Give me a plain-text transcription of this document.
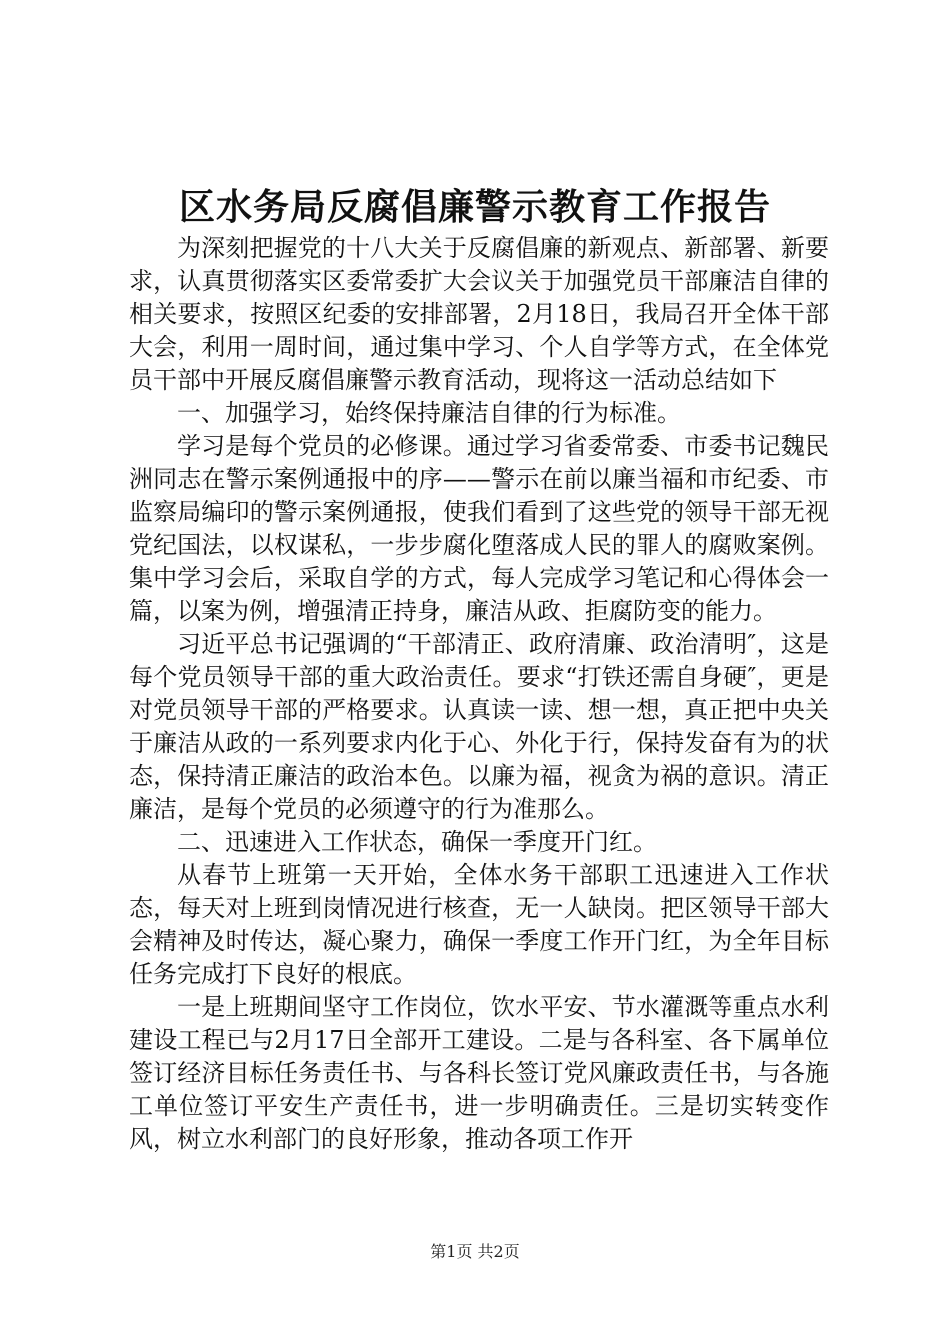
区水务局反腐倡廉警示教育工作报告

为深刻把握党的十八大关于反腐倡廉的新观点、新部署、新要求，认真贯彻落实区委常委扩大会议关于加强党员干部廉洁自律的相关要求，按照区纪委的安排部署，2月18日，我局召开全体干部大会，利用一周时间，通过集中学习、个人自学等方式，在全体党员干部中开展反腐倡廉警示教育活动，现将这一活动总结如下

一、加强学习，始终保持廉洁自律的行为标准。

学习是每个党员的必修课。通过学习省委常委、市委书记魏民洲同志在警示案例通报中的序——警示在前以廉当福和市纪委、市监察局编印的警示案例通报，使我们看到了这些党的领导干部无视党纪国法，以权谋私，一步步腐化堕落成人民的罪人的腐败案例。集中学习会后，采取自学的方式，每人完成学习笔记和心得体会一篇，以案为例，增强清正持身，廉洁从政、拒腐防变的能力。

习近平总书记强调的“干部清正、政府清廉、政治清明″，这是每个党员领导干部的重大政治责任。要求“打铁还需自身硬″，更是对党员领导干部的严格要求。认真读一读、想一想，真正把中央关于廉洁从政的一系列要求内化于心、外化于行，保持发奋有为的状态，保持清正廉洁的政治本色。以廉为福，视贪为祸的意识。清正廉洁，是每个党员的必须遵守的行为准那么。

二、迅速进入工作状态，确保一季度开门红。

从春节上班第一天开始，全体水务干部职工迅速进入工作状态，每天对上班到岗情况进行核查，无一人缺岗。把区领导干部大会精神及时传达，凝心聚力，确保一季度工作开门红，为全年目标任务完成打下良好的根底。

一是上班期间坚守工作岗位，饮水平安、节水灌溉等重点水利建设工程已与2月17日全部开工建设。二是与各科室、各下属单位签订经济目标任务责任书、与各科长签订党风廉政责任书，与各施工单位签订平安生产责任书，进一步明确责任。三是切实转变作风，树立水利部门的良好形象，推动各项工作开

第1页 共2页
